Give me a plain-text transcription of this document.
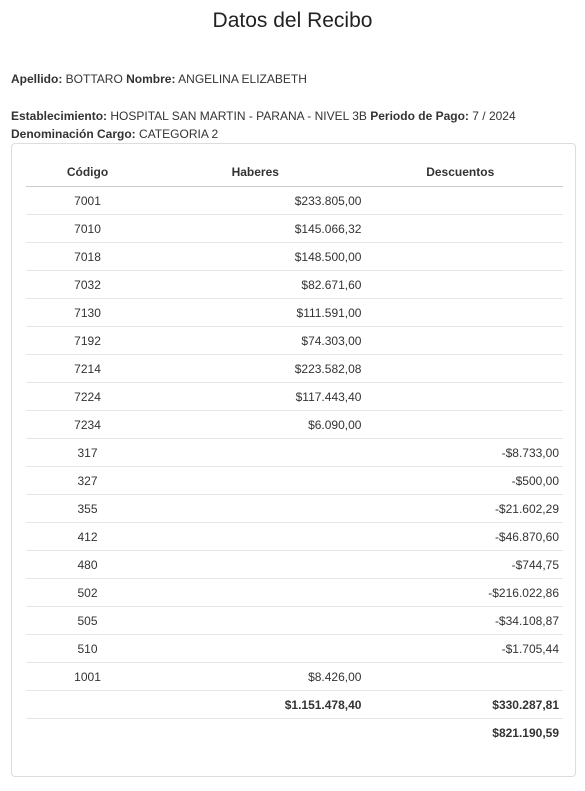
Datos del Recibo
Apellido: BOTTARO Nombre: ANGELINA ELIZABETH
Establecimiento: HOSPITAL SAN MARTIN - PARANA - NIVEL 3B Periodo de Pago: 7 / 2024
Denominación Cargo: CATEGORIA 2
Código	Haberes	Descuentos
7001	$233.805,00	
7010	$145.066,32	
7018	$148.500,00	
7032	$82.671,60	
7130	$111.591,00	
7192	$74.303,00	
7214	$223.582,08	
7224	$117.443,40	
7234	$6.090,00	
317		-$8.733,00
327		-$500,00
355		-$21.602,29
412		-$46.870,60
480		-$744,75
502		-$216.022,86
505		-$34.108,87
510		-$1.705,44
1001	$8.426,00	
	$1.151.478,40	$330.287,81
		$821.190,59
